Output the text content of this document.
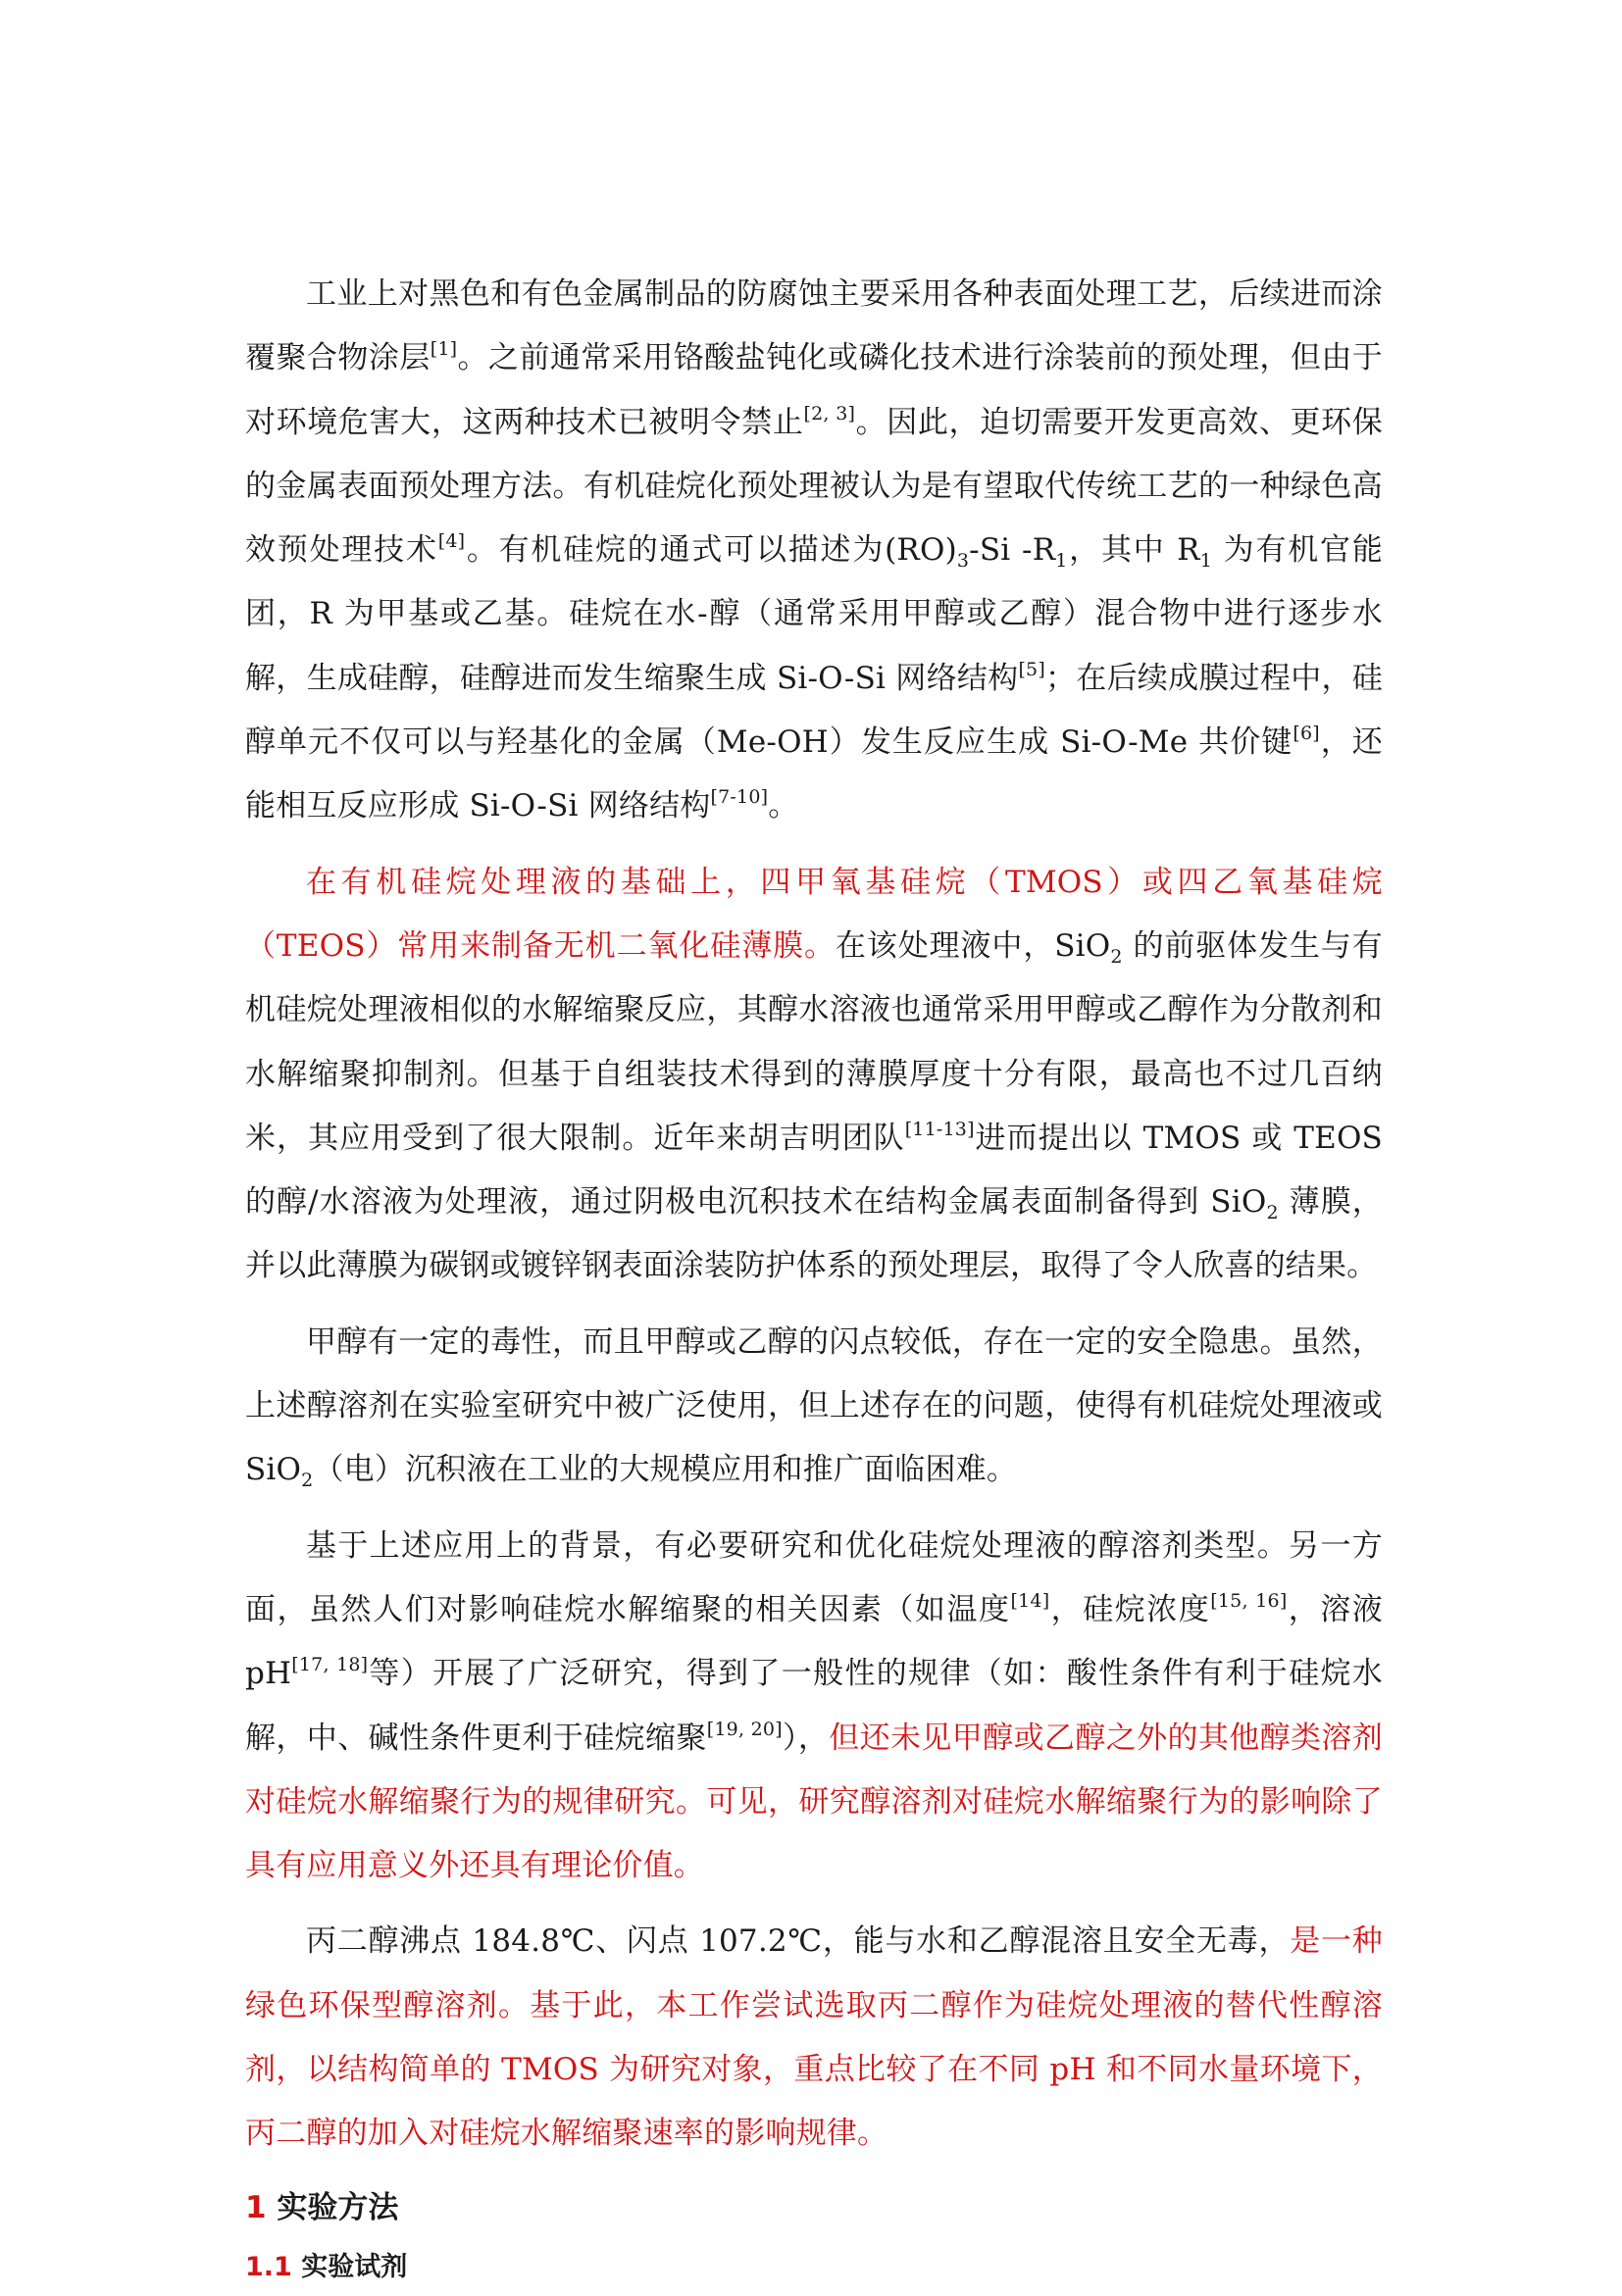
工业上对黑色和有色金属制品的防腐蚀主要采用各种表面处理工艺，后续进而涂覆聚合物涂层[1]。之前通常采用铬酸盐钝化或磷化技术进行涂装前的预处理，但由于对环境危害大，这两种技术已被明令禁止[2, 3]。因此，迫切需要开发更高效、更环保的金属表面预处理方法。有机硅烷化预处理被认为是有望取代传统工艺的一种绿色高效预处理技术[4]。有机硅烷的通式可以描述为$(RO)_3-Si$ $-R_1$，其中 $R_1$ 为有机官能团，R 为甲基或乙基。硅烷在水-醇（通常采用甲醇或乙醇）混合物中进行逐步水解，生成硅醇，硅醇进而发生缩聚生成 Si-O-Si 网络结构[5]；在后续成膜过程中，硅醇单元不仅可以与羟基化的金属（Me-OH）发生反应生成 Si-O-Me 共价键[6]，还能相互反应形成 Si-O-Si 网络结构[7-10]。

在有机硅烷处理液的基础上，四甲氧基硅烷（TMOS）或四乙氧基硅烷（TEOS）常用来制备无机二氧化硅薄膜。在该处理液中，SiO$_2$ 的前驱体发生与有机硅烷处理液相似的水解缩聚反应，其醇水溶液也通常采用甲醇或乙醇作为分散剂和水解缩聚抑制剂。但基于自组装技术得到的薄膜厚度十分有限，最高也不过几百纳米，其应用受到了很大限制。近年来胡吉明团队[11-13]进而提出以 TMOS 或 TEOS 的醇/水溶液为处理液，通过阴极电沉积技术在结构金属表面制备得到 SiO$_2$ 薄膜，并以此薄膜为碳钢或镀锌钢表面涂装防护体系的预处理层，取得了令人欣喜的结果。

甲醇有一定的毒性，而且甲醇或乙醇的闪点较低，存在一定的安全隐患。虽然，上述醇溶剂在实验室研究中被广泛使用，但上述存在的问题，使得有机硅烷处理液或 SiO$_2$（电）沉积液在工业的大规模应用和推广面临困难。

基于上述应用上的背景，有必要研究和优化硅烷处理液的醇溶剂类型。另一方面，虽然人们对影响硅烷水解缩聚的相关因素（如温度[14]，硅烷浓度[15, 16]，溶液 pH[17, 18]等）开展了广泛研究，得到了一般性的规律（如：酸性条件有利于硅烷水解，中、碱性条件更利于硅烷缩聚[19, 20]），但还未见甲醇或乙醇之外的其他醇类溶剂对硅烷水解缩聚行为的规律研究。可见，研究醇溶剂对硅烷水解缩聚行为的影响除了具有应用意义外还具有理论价值。

丙二醇沸点 184.8℃、闪点 107.2℃，能与水和乙醇混溶且安全无毒，是一种绿色环保型醇溶剂。基于此，本工作尝试选取丙二醇作为硅烷处理液的替代性醇溶剂，以结构简单的 TMOS 为研究对象，重点比较了在不同 pH 和不同水量环境下，丙二醇的加入对硅烷水解缩聚速率的影响规律。

1 实验方法
1.1 实验试剂
